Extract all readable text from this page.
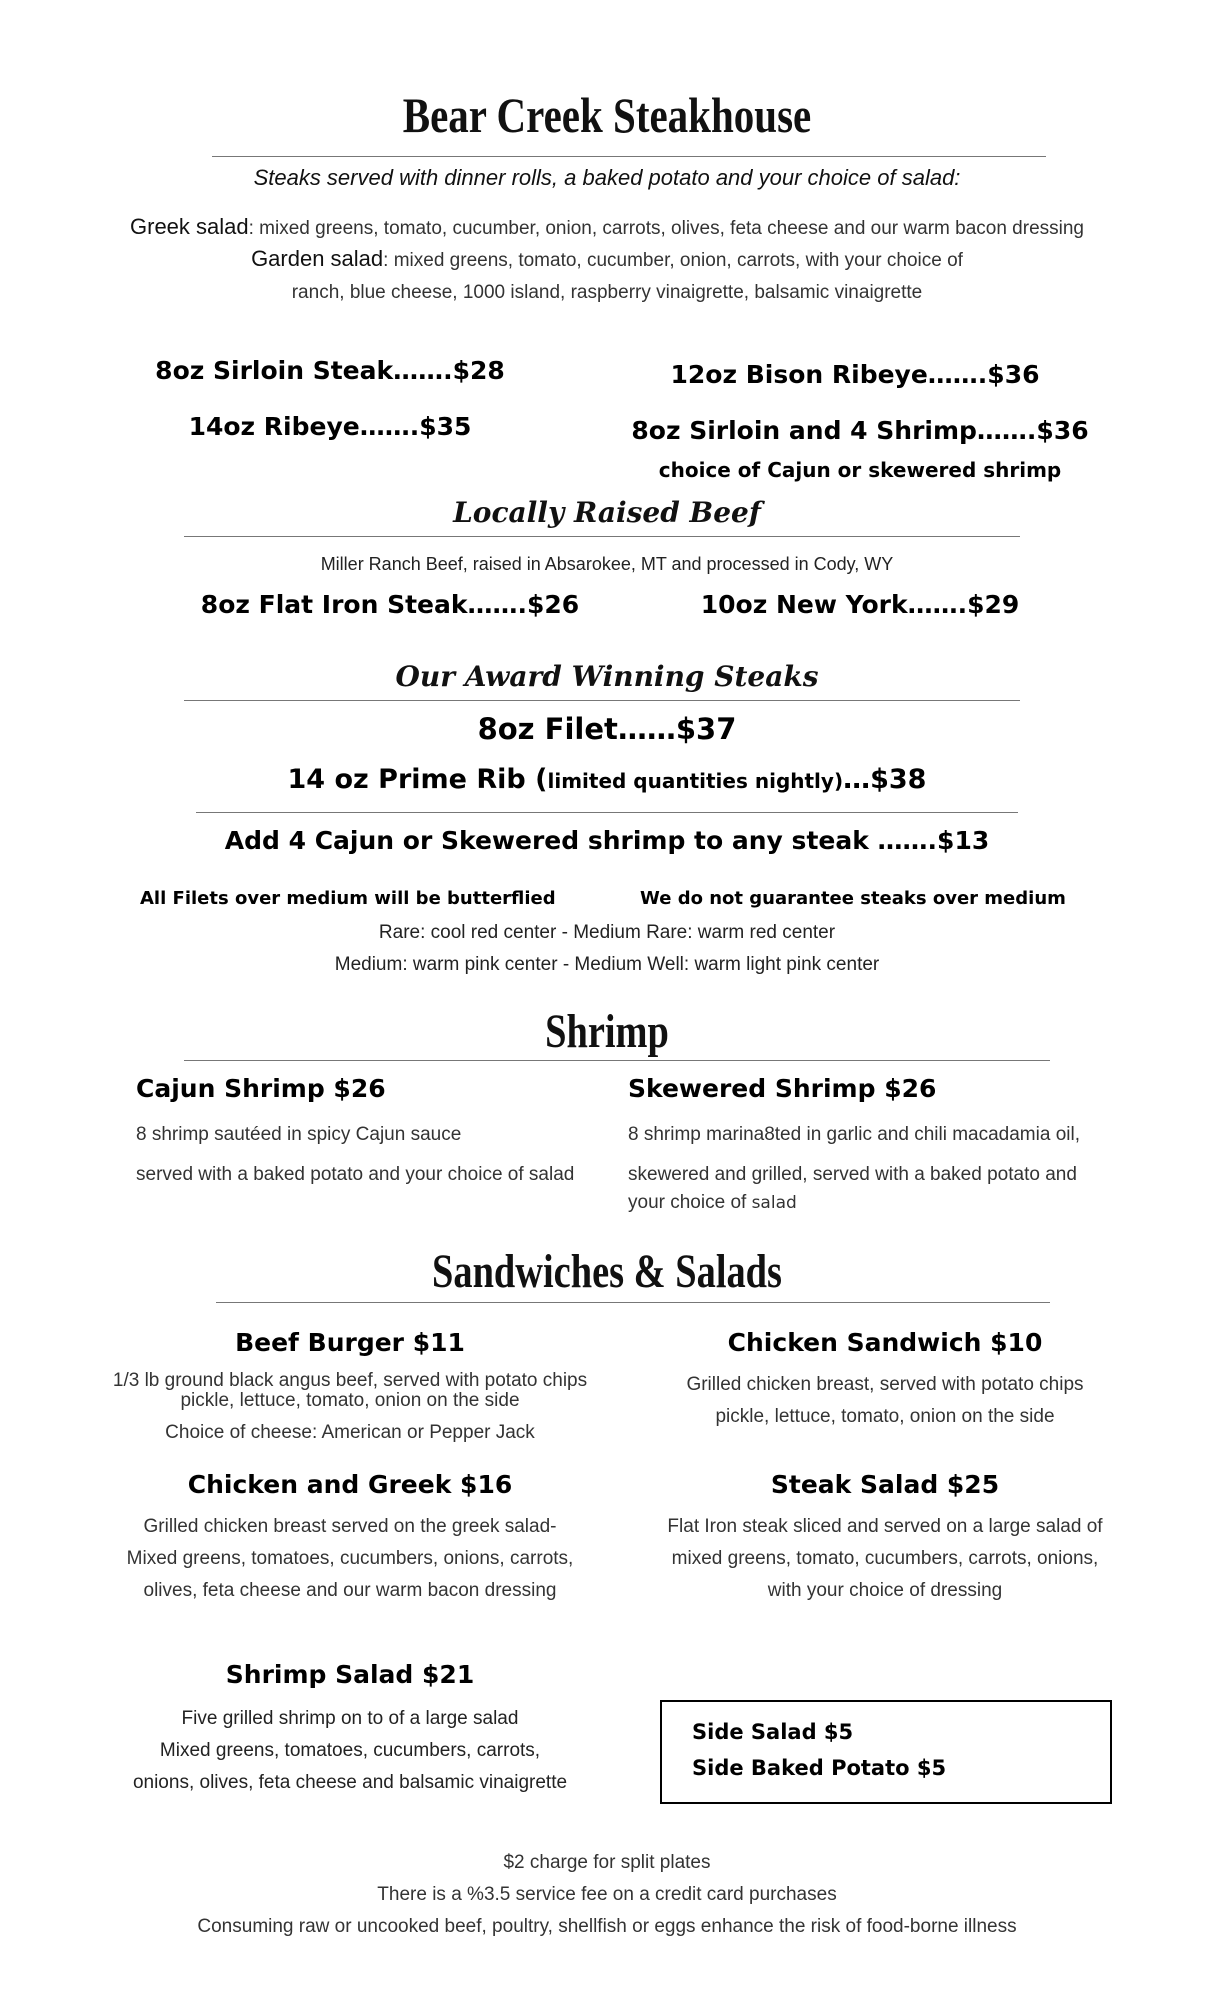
Bear Creek Steakhouse
Steaks served with dinner rolls, a baked potato and your choice of salad:
Greek salad: mixed greens, tomato, cucumber, onion, carrots, olives, feta cheese and our warm bacon dressing
Garden salad: mixed greens, tomato, cucumber, onion, carrots, with your choice of
ranch, blue cheese, 1000 island, raspberry vinaigrette, balsamic vinaigrette
8oz Sirloin Steak…….$28	12oz Bison Ribeye…….$36
14oz Ribeye…….$35	8oz Sirloin and 4 Shrimp…….$36
choice of Cajun or skewered shrimp
Locally Raised Beef
Miller Ranch Beef, raised in Absarokee, MT and processed in Cody, WY
8oz Flat Iron Steak…….$26	10oz New York…….$29
Our Award Winning Steaks
8oz Filet……$37
14 oz Prime Rib (limited quantities nightly)…$38
Add 4 Cajun or Skewered shrimp to any steak …….$13
All Filets over medium will be butterflied	We do not guarantee steaks over medium
Rare: cool red center - Medium Rare: warm red center
Medium: warm pink center - Medium Well: warm light pink center
Shrimp
Cajun Shrimp $26
8 shrimp sautéed in spicy Cajun sauce
served with a baked potato and your choice of salad
Skewered Shrimp $26
8 shrimp marina8ted in garlic and chili macadamia oil,
skewered and grilled, served with a baked potato and
your choice of salad
Sandwiches & Salads
Beef Burger $11
1/3 lb ground black angus beef, served with potato chips
pickle, lettuce, tomato, onion on the side
Choice of cheese: American or Pepper Jack
Chicken Sandwich $10
Grilled chicken breast, served with potato chips
pickle, lettuce, tomato, onion on the side
Chicken and Greek $16
Grilled chicken breast served on the greek salad-
Mixed greens, tomatoes, cucumbers, onions, carrots,
olives, feta cheese and our warm bacon dressing
Steak Salad $25
Flat Iron steak sliced and served on a large salad of
mixed greens, tomato, cucumbers, carrots, onions,
with your choice of dressing
Shrimp Salad $21
Five grilled shrimp on to of a large salad
Mixed greens, tomatoes, cucumbers, carrots,
onions, olives, feta cheese and balsamic vinaigrette
Side Salad $5
Side Baked Potato $5
$2 charge for split plates
There is a %3.5 service fee on a credit card purchases
Consuming raw or uncooked beef, poultry, shellfish or eggs enhance the risk of food-borne illness
